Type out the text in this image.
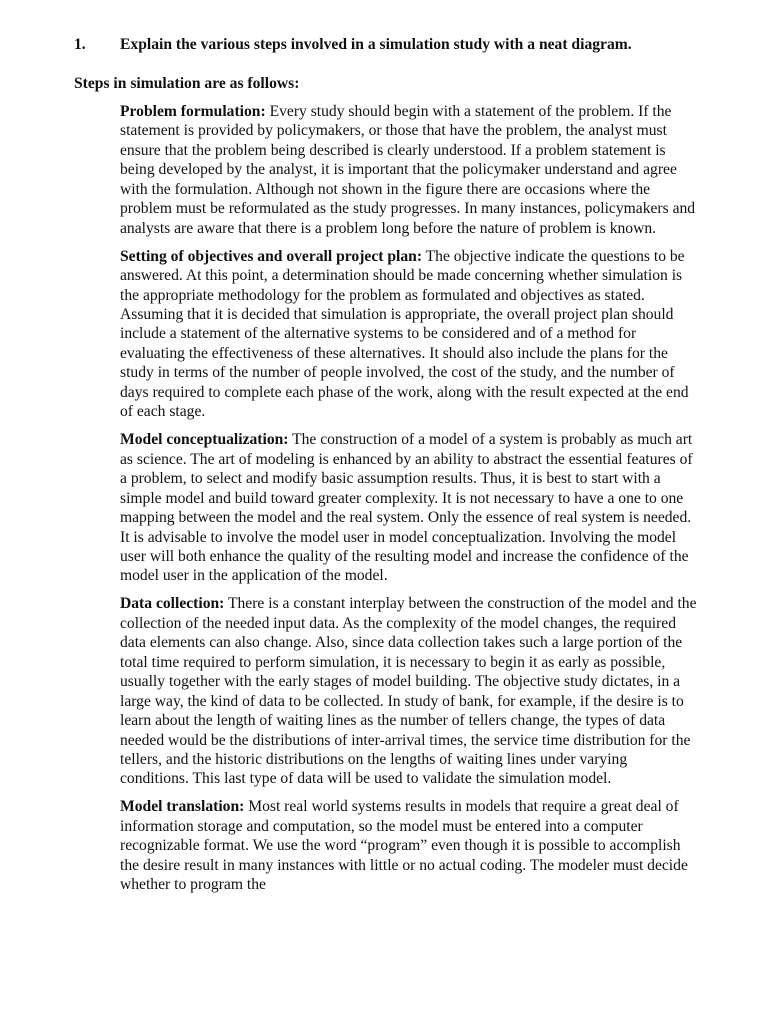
1. Explain the various steps involved in a simulation study with a neat diagram.
Steps in simulation are as follows:

Problem formulation: Every study should begin with a statement of the problem. If the statement is provided by policymakers, or those that have the problem, the analyst must ensure that the problem being described is clearly understood. If a problem statement is being developed by the analyst, it is important that the policymaker understand and agree with the formulation. Although not shown in the figure there are occasions where the problem must be reformulated as the study progresses. In many instances, policymakers and analysts are aware that there is a problem long before the nature of problem is known.

Setting of objectives and overall project plan: The objective indicate the questions to be answered. At this point, a determination should be made concerning whether simulation is the appropriate methodology for the problem as formulated and objectives as stated. Assuming that it is decided that simulation is appropriate, the overall project plan should include a statement of the alternative systems to be considered and of a method for evaluating the effectiveness of these alternatives. It should also include the plans for the study in terms of the number of people involved, the cost of the study, and the number of days required to complete each phase of the work, along with the result expected at the end of each stage.

Model conceptualization: The construction of a model of a system is probably as much art as science. The art of modeling is enhanced by an ability to abstract the essential features of a problem, to select and modify basic assumption results. Thus, it is best to start with a simple model and build toward greater complexity. It is not necessary to have a one to one mapping between the model and the real system. Only the essence of real system is needed. It is advisable to involve the model user in model conceptualization. Involving the model user will both enhance the quality of the resulting model and increase the confidence of the model user in the application of the model.

Data collection: There is a constant interplay between the construction of the model and the collection of the needed input data. As the complexity of the model changes, the required data elements can also change. Also, since data collection takes such a large portion of the total time required to perform simulation, it is necessary to begin it as early as possible, usually together with the early stages of model building. The objective study dictates, in a large way, the kind of data to be collected. In study of bank, for example, if the desire is to learn about the length of waiting lines as the number of tellers change, the types of data needed would be the distributions of inter-arrival times, the service time distribution for the tellers, and the historic distributions on the lengths of waiting lines under varying conditions. This last type of data will be used to validate the simulation model.

Model translation: Most real world systems results in models that require a great deal of information storage and computation, so the model must be entered into a computer recognizable format. We use the word “program” even though it is possible to accomplish the desire result in many instances with little or no actual coding. The modeler must decide whether to program the
